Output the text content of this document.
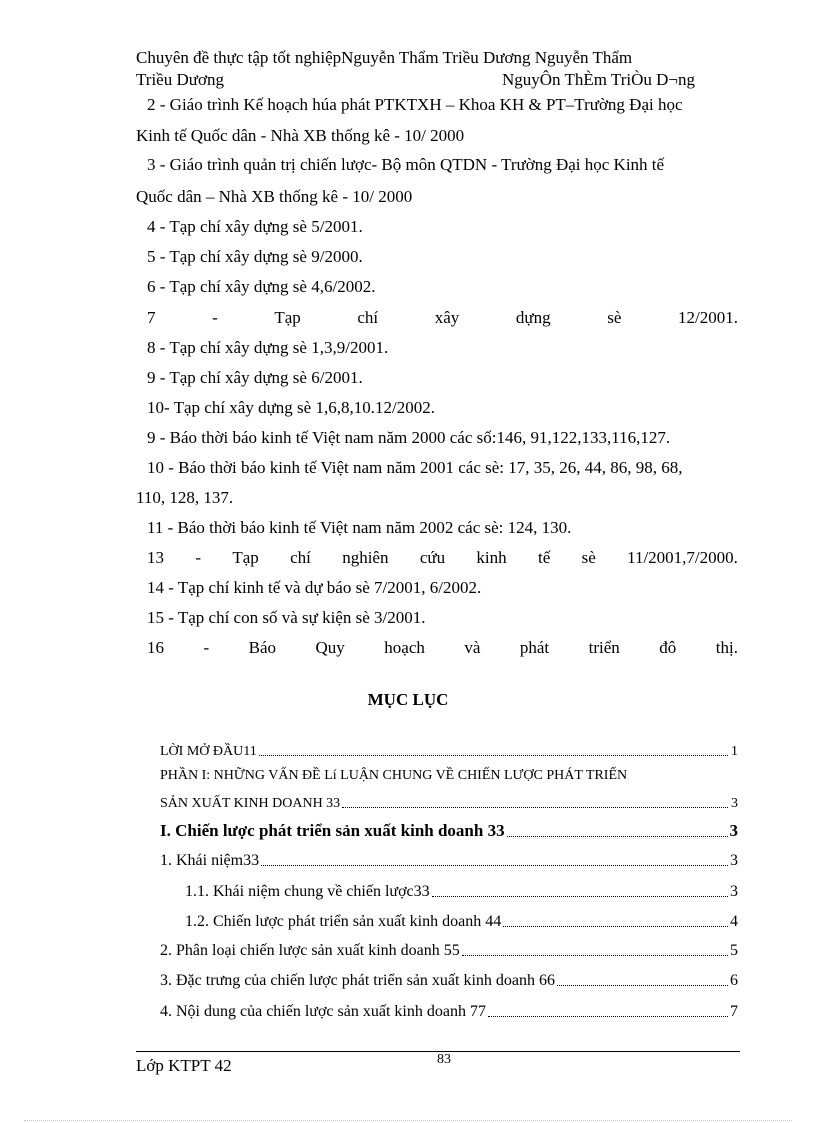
Chuyên đề thực tập tốt nghiệpNguyễn Thẩm Triều Dương Nguyễn Thẩm
Triều Dương	NguyÔn ThÈm TriÒu D¬ng
2 - Giáo trình Kế hoạch húa phát PTKTXH – Khoa KH & PT–Trường Đại học
Kinh tế Quốc dân - Nhà XB thống kê - 10/ 2000
3 - Giáo trình quản trị chiến lược- Bộ môn QTDN - Trường Đại học Kinh tế
Quốc dân – Nhà XB thống kê - 10/ 2000
4 - Tạp chí xây dựng sè 5/2001.
5 - Tạp chí xây dựng sè 9/2000.
6 - Tạp chí xây dựng sè 4,6/2002.
7	-	Tạp	chí	xây	dựng	sè	12/2001.
8 - Tạp chí xây dựng sè 1,3,9/2001.
9 - Tạp chí xây dựng sè 6/2001.
10- Tạp chí xây dựng sè 1,6,8,10.12/2002.
9 - Báo thời báo kinh tế Việt nam năm 2000 các số:146, 91,122,133,116,127.
10 - Báo thời báo kinh tế Việt nam năm 2001 các sè: 17, 35, 26, 44, 86, 98, 68,
110, 128, 137.
11 - Báo thời báo kinh tế Việt nam năm 2002 các sè: 124, 130.
13 - Tạp chí nghiên cứu kinh tế sè 11/2001,7/2000.
14 - Tạp chí kinh tế và dự báo sè 7/2001, 6/2002.
15 - Tạp chí con số và sự kiện sè 3/2001.
16 - Báo Quy hoạch và phát triển đô thị.
MỤC LỤC
LỜI MỞ ĐẦU11	1
PHẦN I: NHỮNG VẤN ĐỀ Lí LUẬN CHUNG VỀ CHIẾN LƯỢC PHÁT TRIỂN
SẢN XUẤT KINH DOANH 33	3
I. Chiến lược phát triển sản xuất kinh doanh 33	3
1. Khái niệm33	3
1.1. Khái niệm chung về chiến lược33	3
1.2. Chiến lược phát triển sản xuất kinh doanh 44	4
2. Phân loại chiến lược sản xuất kinh doanh 55	5
3. Đặc trưng của chiến lược phát triển sản xuất kinh doanh 66	6
4. Nội dung của chiến lược sản xuất kinh doanh 77	7
Lớp KTPT 42	83
